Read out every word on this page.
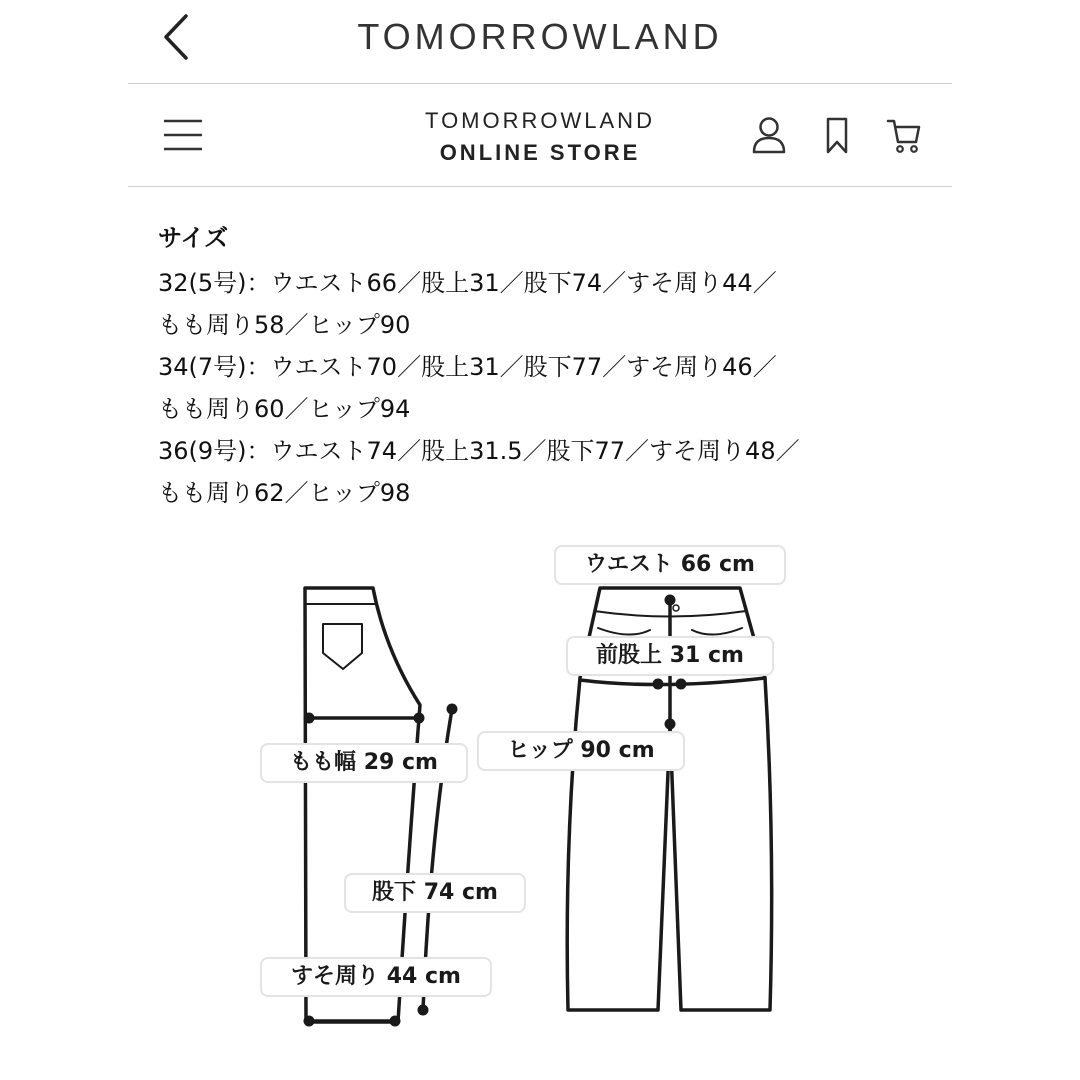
TOMORROWLAND
TOMORROWLAND
ONLINE STORE
サイズ
32(5号)：ウエスト66／股上31／股下74／すそ周り44／
もも周り58／ヒップ90
34(7号)：ウエスト70／股上31／股下77／すそ周り46／
もも周り60／ヒップ94
36(9号)：ウエスト74／股上31.5／股下77／すそ周り48／
もも周り62／ヒップ98
ウエスト 66 cm
前股上 31 cm
ヒップ 90 cm
もも幅 29 cm
股下 74 cm
すそ周り 44 cm
